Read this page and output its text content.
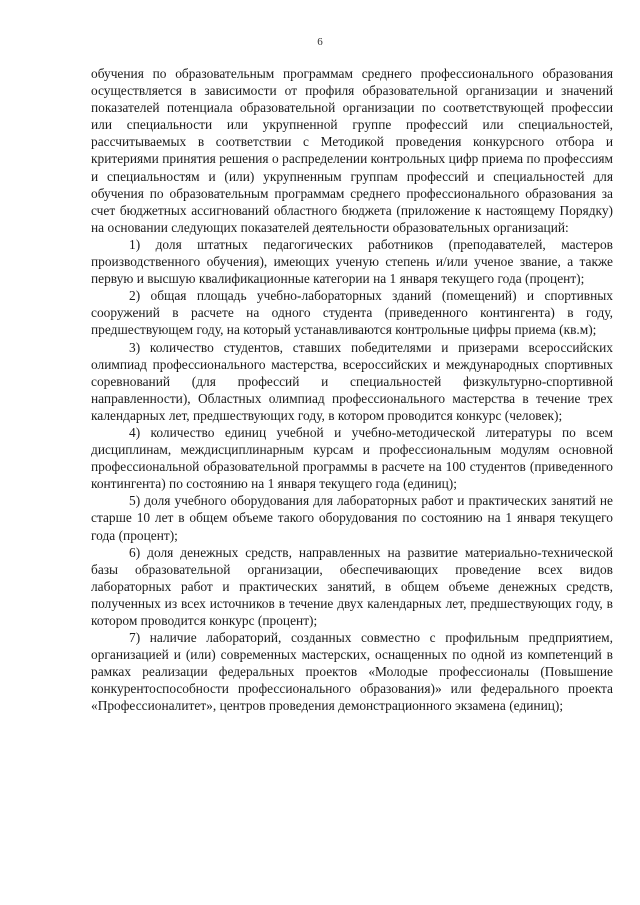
6

обучения по образовательным программам среднего профессионального образования осуществляется в зависимости от профиля образовательной организации и значений показателей потенциала образовательной организации по соответствующей профессии или специальности или укрупненной группе профессий или специальностей, рассчитываемых в соответствии с Методикой проведения конкурсного отбора и критериями принятия решения о распределении контрольных цифр приема по профессиям и специальностям и (или) укрупненным группам профессий и специальностей для обучения по образовательным программам среднего профессионального образования за счет бюджетных ассигнований областного бюджета (приложение к настоящему Порядку) на основании следующих показателей деятельности образовательных организаций:

1) доля штатных педагогических работников (преподавателей, мастеров производственного обучения), имеющих ученую степень и/или ученое звание, а также первую и высшую квалификационные категории на 1 января текущего года (процент);

2) общая площадь учебно-лабораторных зданий (помещений) и спортивных сооружений в расчете на одного студента (приведенного контингента) в году, предшествующем году, на который устанавливаются контрольные цифры приема (кв.м);

3) количество студентов, ставших победителями и призерами всероссийских олимпиад профессионального мастерства, всероссийских и международных спортивных соревнований (для профессий и специальностей физкультурно-спортивной направленности), Областных олимпиад профессионального мастерства в течение трех календарных лет, предшествующих году, в котором проводится конкурс (человек);

4) количество единиц учебной и учебно-методической литературы по всем дисциплинам, междисциплинарным курсам и профессиональным модулям основной профессиональной образовательной программы в расчете на 100 студентов (приведенного контингента) по состоянию на 1 января текущего года (единиц);

5) доля учебного оборудования для лабораторных работ и практических занятий не старше 10 лет в общем объеме такого оборудования по состоянию на 1 января текущего года (процент);

6) доля денежных средств, направленных на развитие материально-технической базы образовательной организации, обеспечивающих проведение всех видов лабораторных работ и практических занятий, в общем объеме денежных средств, полученных из всех источников в течение двух календарных лет, предшествующих году, в котором проводится конкурс (процент);

7) наличие лабораторий, созданных совместно с профильным предприятием, организацией и (или) современных мастерских, оснащенных по одной из компетенций в рамках реализации федеральных проектов «Молодые профессионалы (Повышение конкурентоспособности профессионального образования)» или федерального проекта «Профессионалитет», центров проведения демонстрационного экзамена (единиц);
